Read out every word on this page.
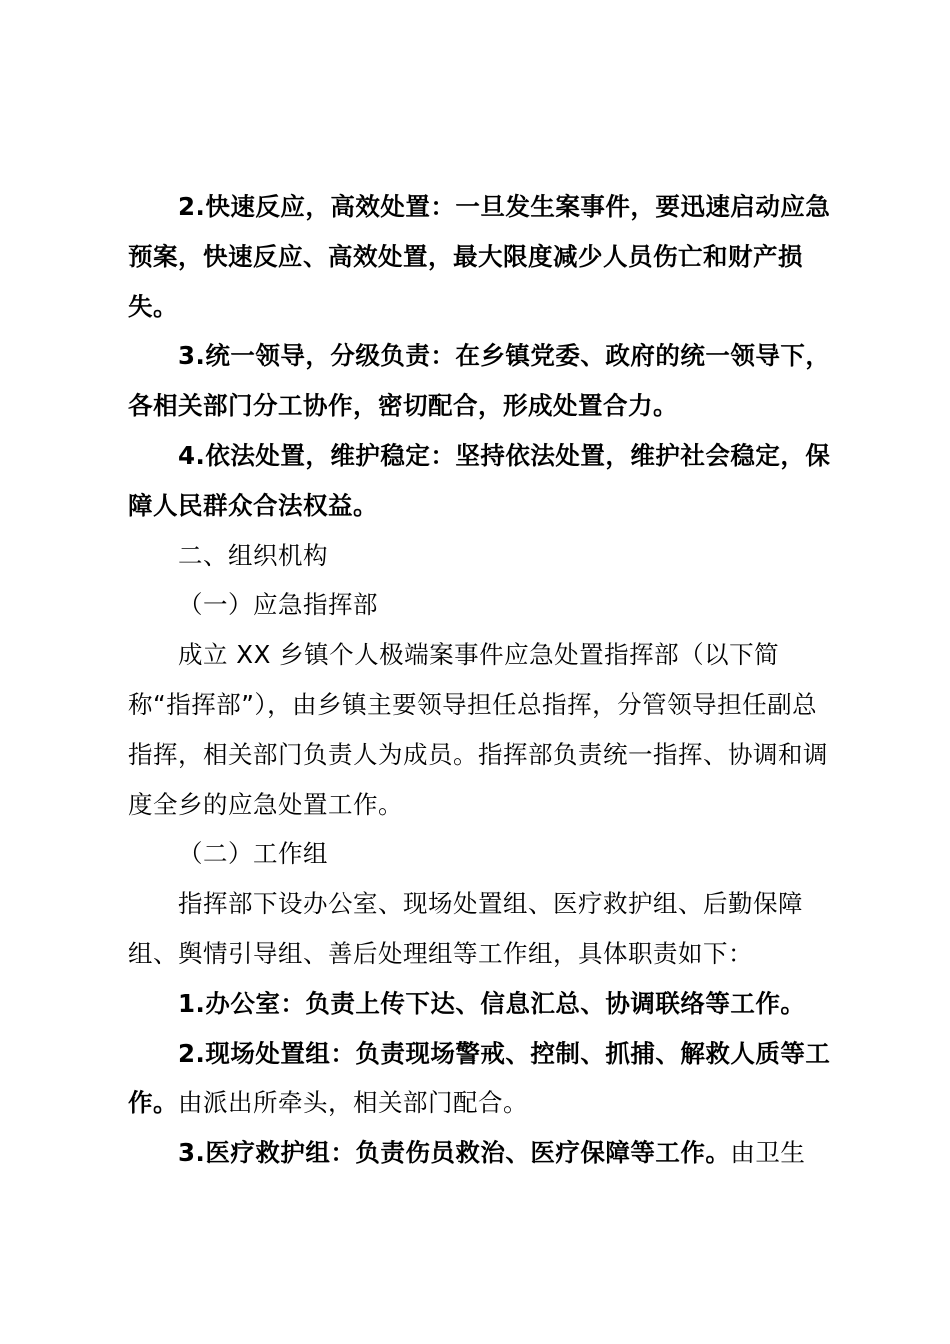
2.快速反应，高效处置：一旦发生案事件，要迅速启动应急预案，快速反应、高效处置，最大限度减少人员伤亡和财产损失。

3.统一领导，分级负责：在乡镇党委、政府的统一领导下，各相关部门分工协作，密切配合，形成处置合力。

4.依法处置，维护稳定：坚持依法处置，维护社会稳定，保障人民群众合法权益。

二、组织机构

（一）应急指挥部

成立 XX 乡镇个人极端案事件应急处置指挥部（以下简称“指挥部”），由乡镇主要领导担任总指挥，分管领导担任副总指挥，相关部门负责人为成员。指挥部负责统一指挥、协调和调度全乡的应急处置工作。

（二）工作组

指挥部下设办公室、现场处置组、医疗救护组、后勤保障组、舆情引导组、善后处理组等工作组，具体职责如下：

1.办公室：负责上传下达、信息汇总、协调联络等工作。

2.现场处置组：负责现场警戒、控制、抓捕、解救人质等工作。由派出所牵头，相关部门配合。

3.医疗救护组：负责伤员救治、医疗保障等工作。由卫生
